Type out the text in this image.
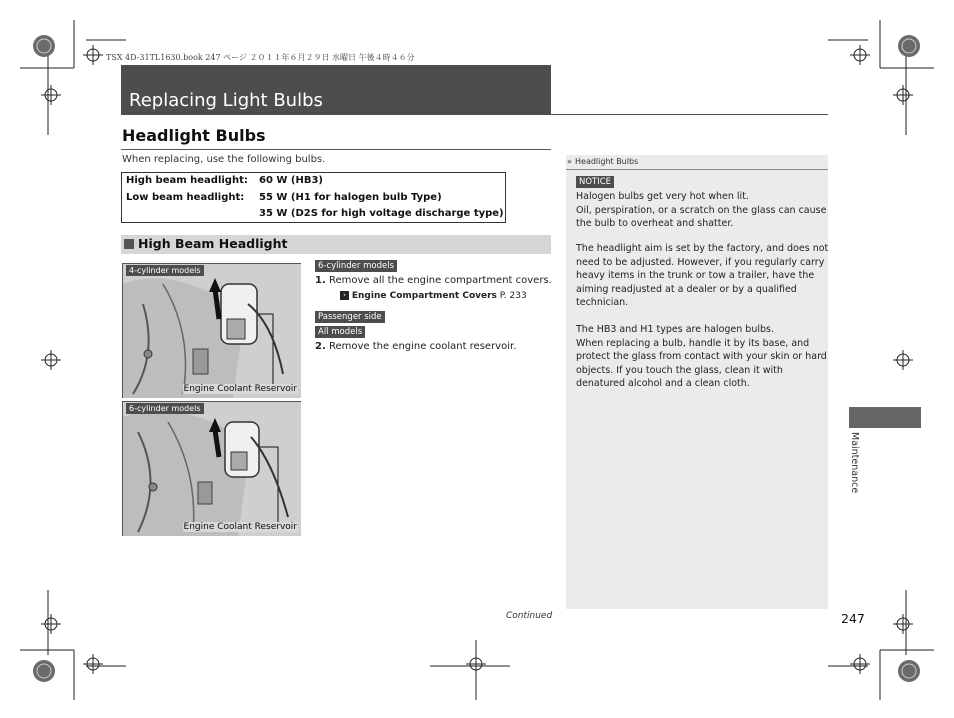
TSX 4D-31TL1630.book 247 ページ ２０１１年６月２９日 水曜日 午後４時４６分
Replacing Light Bulbs
Headlight Bulbs
When replacing, use the following bulbs.
High beam headlight: 60 W (HB3)
Low beam headlight: 55 W (H1 for halogen bulb Type)
35 W (D2S for high voltage discharge type)
High Beam Headlight
4-cylinder models
Engine Coolant Reservoir
6-cylinder models
Engine Coolant Reservoir
6-cylinder models
1. Remove all the engine compartment covers.
› Engine Compartment Covers P. 233
Passenger side
All models
2. Remove the engine coolant reservoir.
» Headlight Bulbs
NOTICE
Halogen bulbs get very hot when lit.
Oil, perspiration, or a scratch on the glass can cause
the bulb to overheat and shatter.
The headlight aim is set by the factory, and does not
need to be adjusted. However, if you regularly carry
heavy items in the trunk or tow a trailer, have the
aiming readjusted at a dealer or by a qualified
technician.
The HB3 and H1 types are halogen bulbs.
When replacing a bulb, handle it by its base, and
protect the glass from contact with your skin or hard
objects. If you touch the glass, clean it with
denatured alcohol and a clean cloth.
Continued	247
Maintenance
